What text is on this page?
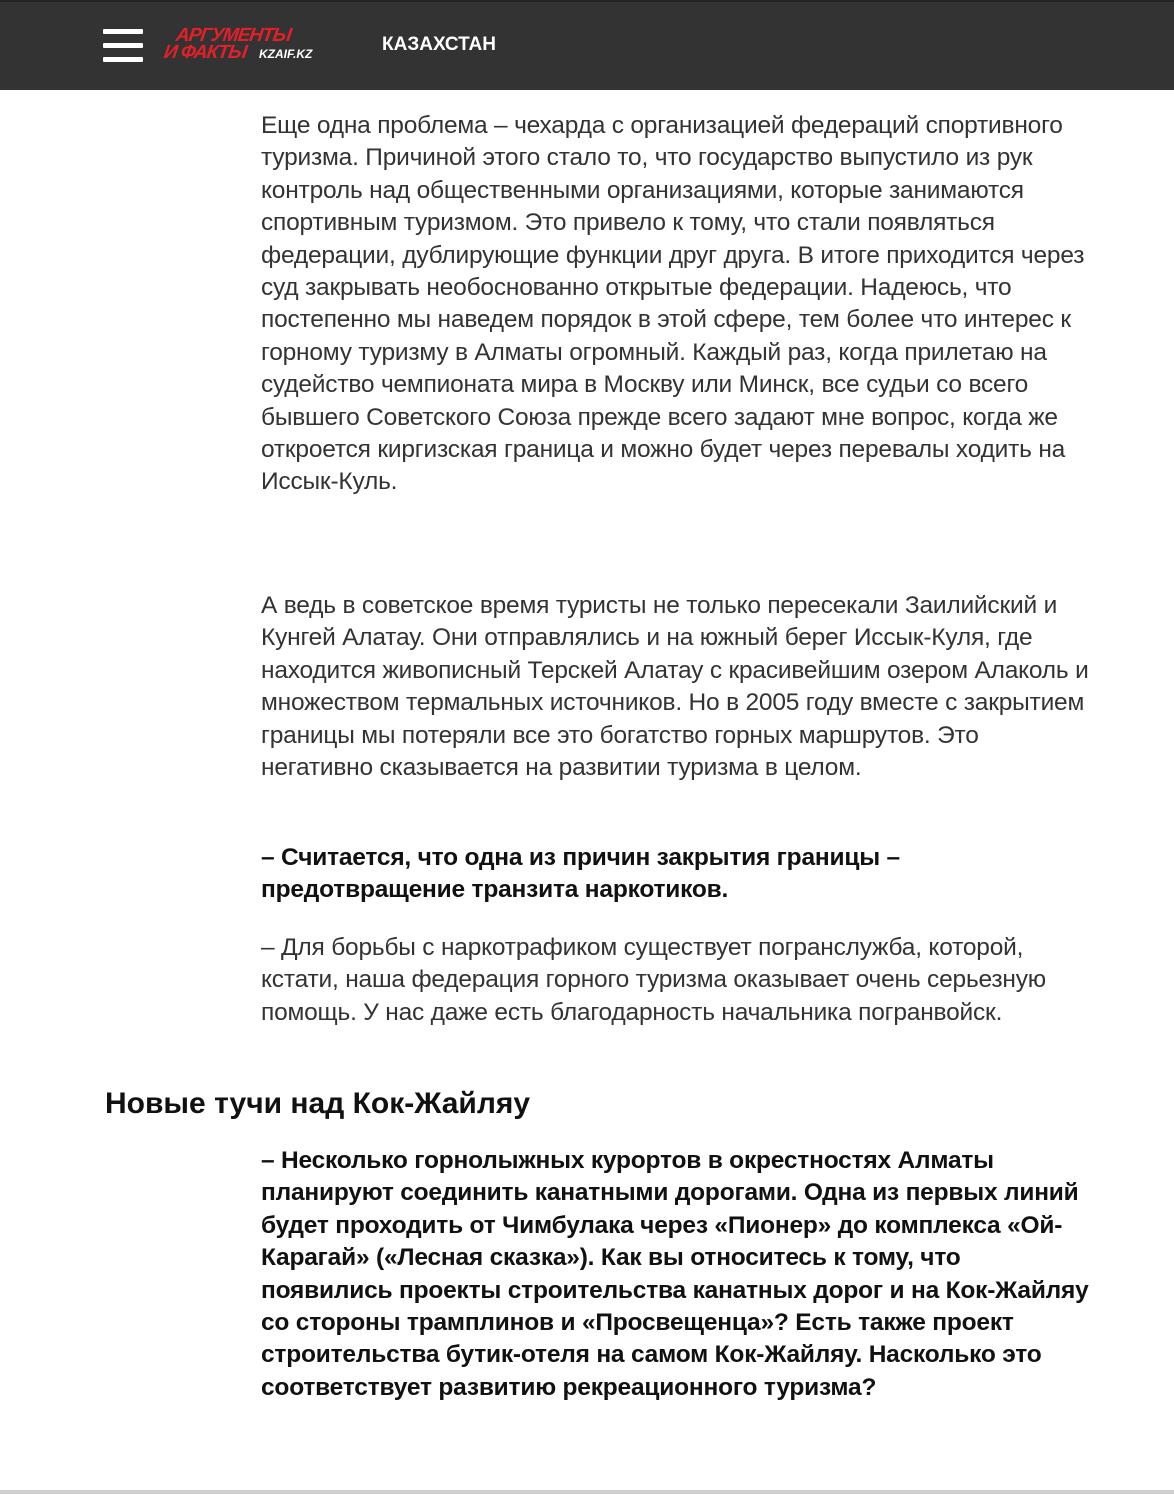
АРГУМЕНТЫ
И ФАКТЫ KZAIF.KZ	КАЗАХСТАН

Еще одна проблема – чехарда с организацией федераций спортивного туризма. Причиной этого стало то, что государство выпустило из рук контроль над общественными организациями, которые занимаются спортивным туризмом. Это привело к тому, что стали появляться федерации, дублирующие функции друг друга. В итоге приходится через суд закрывать необоснованно открытые федерации. Надеюсь, что постепенно мы наведем порядок в этой сфере, тем более что интерес к горному туризму в Алматы огромный. Каждый раз, когда прилетаю на судейство чемпионата мира в Москву или Минск, все судьи со всего бывшего Советского Союза прежде всего задают мне вопрос, когда же откроется киргизская граница и можно будет через перевалы ходить на Иссык-Куль.

А ведь в советское время туристы не только пересекали Заилийский и Кунгей Алатау. Они отправлялись и на южный берег Иссык-Куля, где находится живописный Терскей Алатау с красивейшим озером Алаколь и множеством термальных источников. Но в 2005 году вместе с закрытием границы мы потеряли все это богатство горных маршрутов. Это негативно сказывается на развитии туризма в целом.

– Считается, что одна из причин закрытия границы – предотвращение транзита наркотиков.

– Для борьбы с наркотрафиком существует погранслужба, которой, кстати, наша федерация горного туризма оказывает очень серьезную помощь. У нас даже есть благодарность начальника погранвойск.

Новые тучи над Кок-Жайляу

– Несколько горнолыжных курортов в окрестностях Алматы планируют соединить канатными дорогами. Одна из первых линий будет проходить от Чимбулака через «Пионер» до комплекса «Ой-Карагай» («Лесная сказка»). Как вы относитесь к тому, что появились проекты строительства канатных дорог и на Кок-Жайляу со стороны трамплинов и «Просвещенца»? Есть также проект строительства бутик-отеля на самом Кок-Жайляу. Насколько это соответствует развитию рекреационного туризма?
